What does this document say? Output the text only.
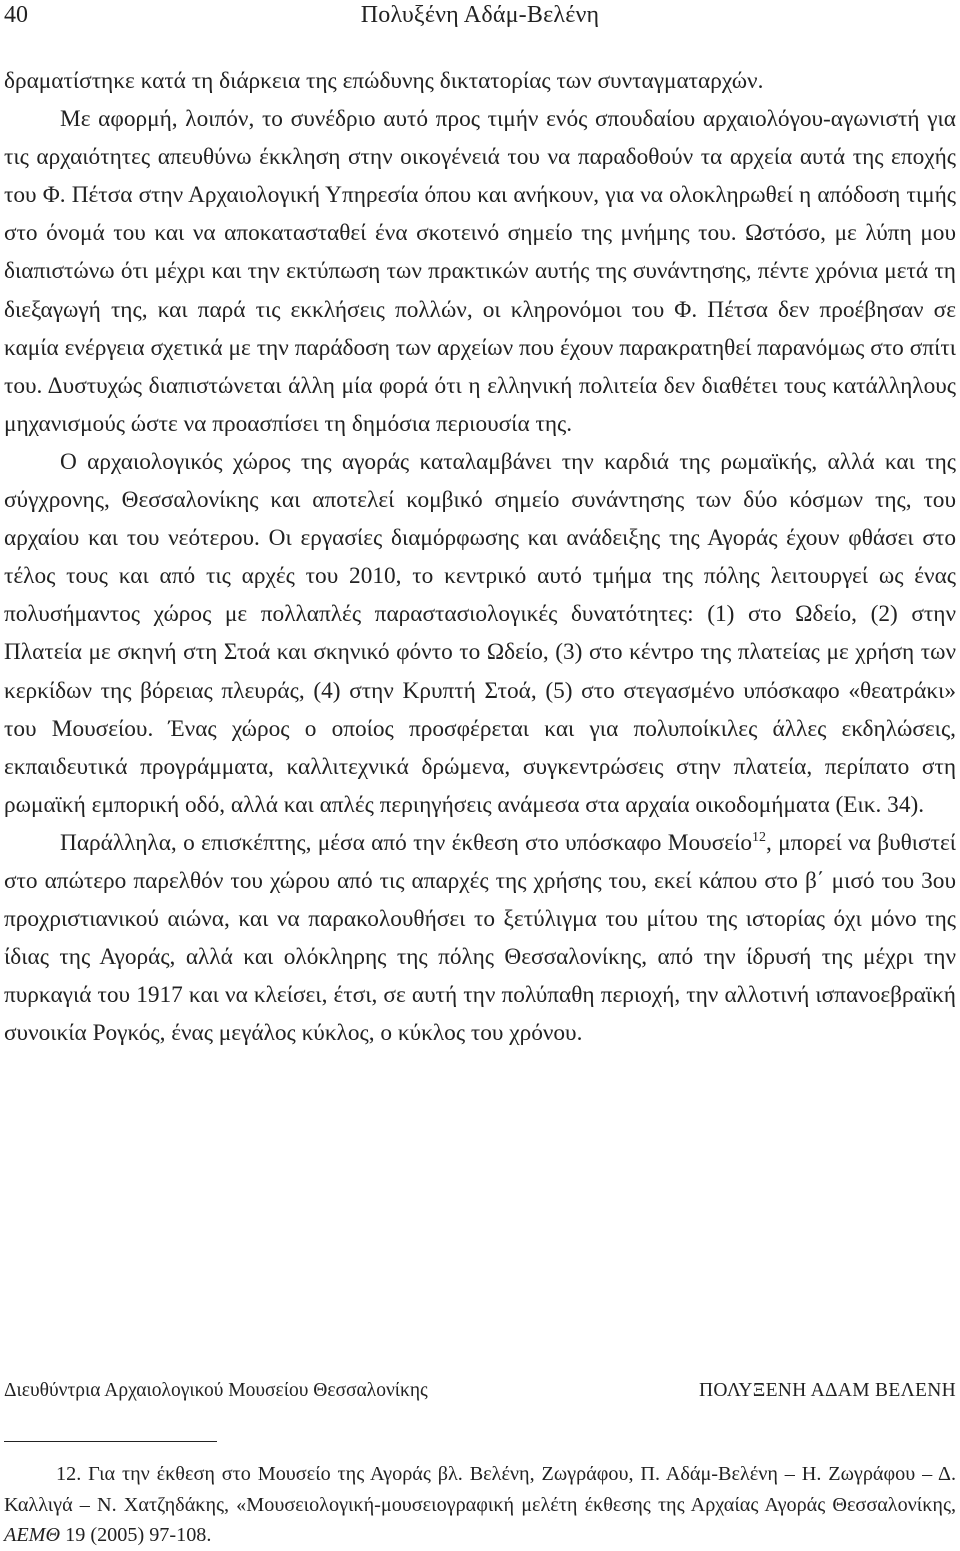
40	Πολυξένη Αδάμ-Βελένη

δραματίστηκε κατά τη διάρκεια της επώδυνης δικτατορίας των συνταγματαρχών.

Με αφορμή, λοιπόν, το συνέδριο αυτό προς τιμήν ενός σπουδαίου αρχαιολόγου-αγωνιστή για τις αρχαιότητες απευθύνω έκκληση στην οικογένειά του να παραδοθούν τα αρχεία αυτά της εποχής του Φ. Πέτσα στην Αρχαιολογική Υπηρεσία όπου και ανήκουν, για να ολοκληρωθεί η απόδοση τιμής στο όνομά του και να αποκατασταθεί ένα σκοτεινό σημείο της μνήμης του. Ωστόσο, με λύπη μου διαπιστώνω ότι μέχρι και την εκτύπωση των πρακτικών αυτής της συνάντησης, πέντε χρόνια μετά τη διεξαγωγή της, και παρά τις εκκλήσεις πολλών, οι κληρονόμοι του Φ. Πέτσα δεν προέβησαν σε καμία ενέργεια σχετικά με την παράδοση των αρχείων που έχουν παρακρατηθεί παρανόμως στο σπίτι του. Δυστυχώς διαπιστώνεται άλλη μία φορά ότι η ελληνική πολιτεία δεν διαθέτει τους κατάλληλους μηχανισμούς ώστε να προασπίσει τη δημόσια περιουσία της.

Ο αρχαιολογικός χώρος της αγοράς καταλαμβάνει την καρδιά της ρωμαϊκής, αλλά και της σύγχρονης, Θεσσαλονίκης και αποτελεί κομβικό σημείο συνάντησης των δύο κόσμων της, του αρχαίου και του νεότερου. Οι εργασίες διαμόρφωσης και ανάδειξης της Αγοράς έχουν φθάσει στο τέλος τους και από τις αρχές του 2010, το κεντρικό αυτό τμήμα της πόλης λειτουργεί ως ένας πολυσήμαντος χώρος με πολλαπλές παραστασιολογικές δυνατότητες: (1) στο Ωδείο, (2) στην Πλατεία με σκηνή στη Στοά και σκηνικό φόντο το Ωδείο, (3) στο κέντρο της πλατείας με χρήση των κερκίδων της βόρειας πλευράς, (4) στην Κρυπτή Στοά, (5) στο στεγασμένο υπόσκαφο «θεατράκι» του Μουσείου. Ένας χώρος ο οποίος προσφέρεται και για πολυποίκιλες άλλες εκδηλώσεις, εκπαιδευτικά προγράμματα, καλλιτεχνικά δρώμενα, συγκεντρώσεις στην πλατεία, περίπατο στη ρωμαϊκή εμπορική οδό, αλλά και απλές περιηγήσεις ανάμεσα στα αρχαία οικοδομήματα (Εικ. 34).

Παράλληλα, ο επισκέπτης, μέσα από την έκθεση στο υπόσκαφο Μουσείο$^{12}$, μπορεί να βυθιστεί στο απώτερο παρελθόν του χώρου από τις απαρχές της χρήσης του, εκεί κάπου στο β΄ μισό του 3ου προχριστιανικού αιώνα, και να παρακολουθήσει το ξετύλιγμα του μίτου της ιστορίας όχι μόνο της ίδιας της Αγοράς, αλλά και ολόκληρης της πόλης Θεσσαλονίκης, από την ίδρυσή της μέχρι την πυρκαγιά του 1917 και να κλείσει, έτσι, σε αυτή την πολύπαθη περιοχή, την αλλοτινή ισπανοεβραϊκή συνοικία Ρογκός, ένας μεγάλος κύκλος, ο κύκλος του χρόνου.

Διευθύντρια Αρχαιολογικού Μουσείου Θεσσαλονίκης	ΠΟΛΥΞΕΝΗ ΑΔΑΜ ΒΕΛΕΝΗ

12. Για την έκθεση στο Μουσείο της Αγοράς βλ. Βελένη, Ζωγράφου, Π. Αδάμ-Βελένη – Η. Ζωγράφου – Δ. Καλλιγά – Ν. Χατζηδάκης, «Μουσειολογική-μουσειογραφική μελέτη έκθεσης της Αρχαίας Αγοράς Θεσσαλονίκης, ΑΕΜΘ 19 (2005) 97-108.
